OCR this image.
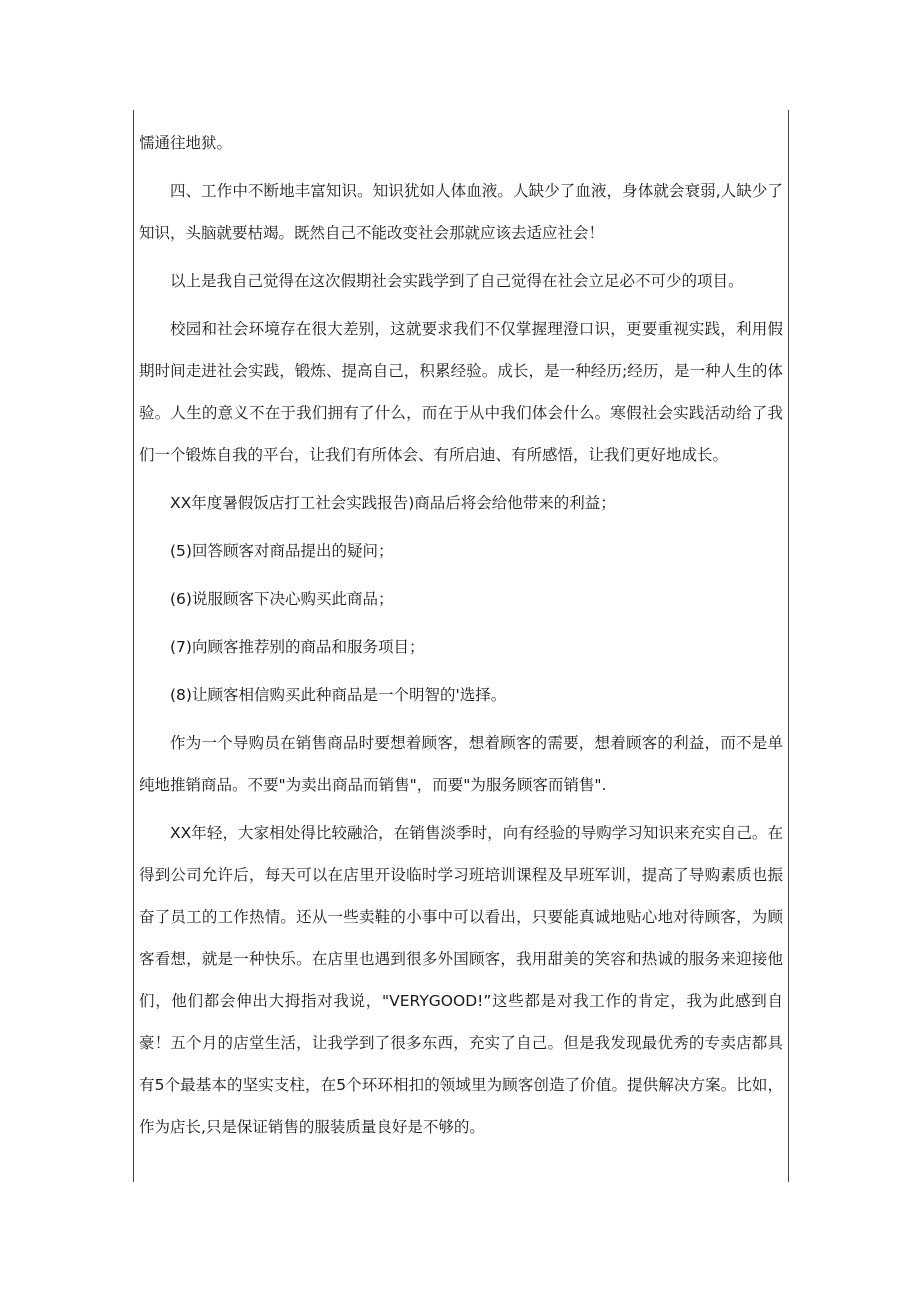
懦通往地狱。

四、工作中不断地丰富知识。知识犹如人体血液。人缺少了血液，身体就会衰弱,人缺少了知识，头脑就要枯竭。既然自己不能改变社会那就应该去适应社会！

以上是我自己觉得在这次假期社会实践学到了自己觉得在社会立足必不可少的项目。

校园和社会环境存在很大差别，这就要求我们不仅掌握理澄口识，更要重视实践，利用假期时间走进社会实践，锻炼、提高自己，积累经验。成长，是一种经历;经历，是一种人生的体验。人生的意义不在于我们拥有了什么，而在于从中我们体会什么。寒假社会实践活动给了我们一个锻炼自我的平台，让我们有所体会、有所启迪、有所感悟，让我们更好地成长。

XX年度暑假饭店打工社会实践报告)商品后将会给他带来的利益；

(5)回答顾客对商品提出的疑问；

(6)说服顾客下决心购买此商品；

(7)向顾客推荐别的商品和服务项目；

(8)让顾客相信购买此种商品是一个明智的'选择。

作为一个导购员在销售商品时要想着顾客，想着顾客的需要，想着顾客的利益，而不是单纯地推销商品。不要"为卖出商品而销售"，而要"为服务顾客而销售".

XX年轻，大家相处得比较融洽，在销售淡季时，向有经验的导购学习知识来充实自己。在得到公司允许后，每天可以在店里开设临时学习班培训课程及早班军训，提高了导购素质也振奋了员工的工作热情。还从一些卖鞋的小事中可以看出，只要能真诚地贴心地对待顾客，为顾客看想，就是一种快乐。在店里也遇到很多外国顾客，我用甜美的笑容和热诚的服务来迎接他们，他们都会伸出大拇指对我说，"VERYGOOD!”这些都是对我工作的肯定，我为此感到自豪！五个月的店堂生活，让我学到了很多东西，充实了自己。但是我发现最优秀的专卖店都具有5个最基本的坚实支柱，在5个环环相扣的领域里为顾客创造了价值。提供解决方案。比如，作为店长,只是保证销售的服装质量良好是不够的。
